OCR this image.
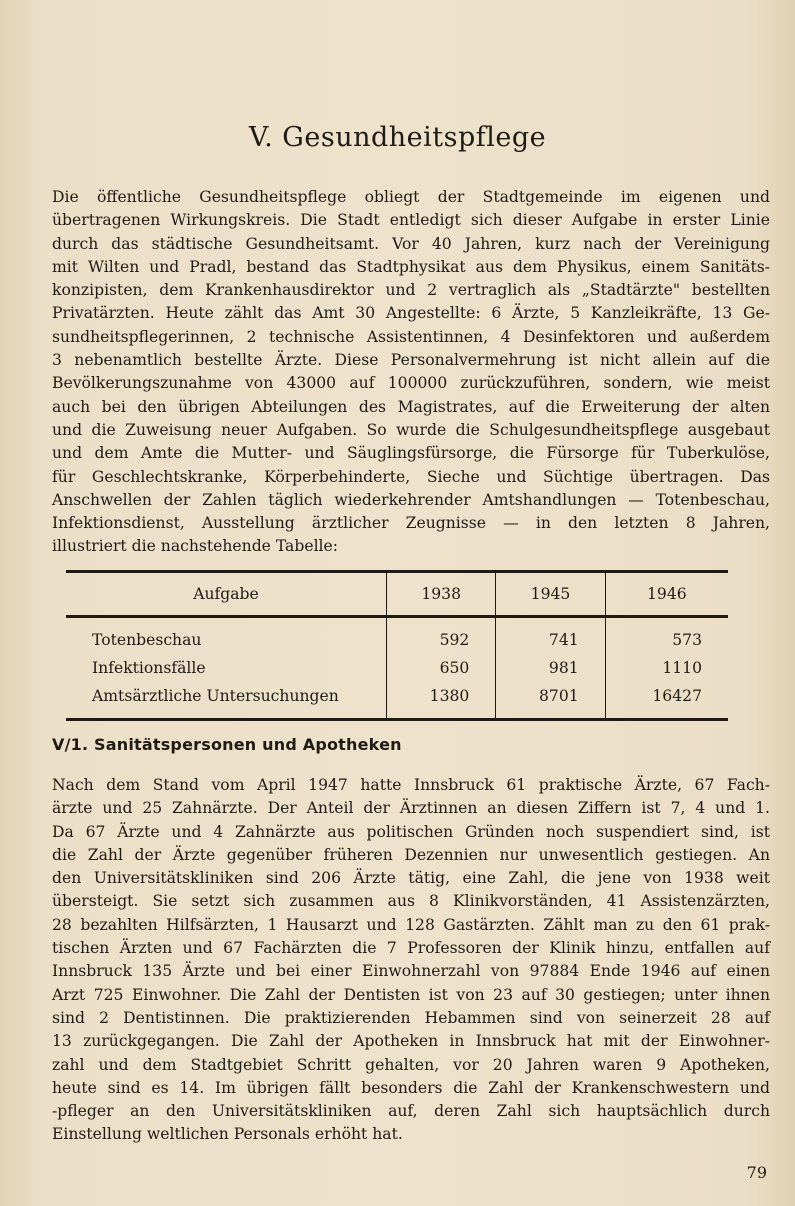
V. Gesundheitspflege
Die öffentliche Gesundheitspflege obliegt der Stadtgemeinde im eigenen und
übertragenen Wirkungskreis. Die Stadt entledigt sich dieser Aufgabe in erster Linie
durch das städtische Gesundheitsamt. Vor 40 Jahren, kurz nach der Vereinigung
mit Wilten und Pradl, bestand das Stadtphysikat aus dem Physikus, einem Sanitäts-
konzipisten, dem Krankenhausdirektor und 2 vertraglich als „Stadtärzte" bestellten
Privatärzten. Heute zählt das Amt 30 Angestellte: 6 Ärzte, 5 Kanzleikräfte, 13 Ge-
sundheitspflegerinnen, 2 technische Assistentinnen, 4 Desinfektoren und außerdem
3 nebenamtlich bestellte Ärzte. Diese Personalvermehrung ist nicht allein auf die
Bevölkerungszunahme von 43000 auf 100000 zurückzuführen, sondern, wie meist
auch bei den übrigen Abteilungen des Magistrates, auf die Erweiterung der alten
und die Zuweisung neuer Aufgaben. So wurde die Schulgesundheitspflege ausgebaut
und dem Amte die Mutter- und Säuglingsfürsorge, die Fürsorge für Tuberkulöse,
für Geschlechtskranke, Körperbehinderte, Sieche und Süchtige übertragen. Das
Anschwellen der Zahlen täglich wiederkehrender Amtshandlungen — Totenbeschau,
Infektionsdienst, Ausstellung ärztlicher Zeugnisse — in den letzten 8 Jahren,
illustriert die nachstehende Tabelle:
Aufgabe	1938	1945	1946
Totenbeschau	592	741	573
Infektionsfälle	650	981	1110
Amtsärztliche Untersuchungen	1380	8701	16427
V/1. Sanitätspersonen und Apotheken
Nach dem Stand vom April 1947 hatte Innsbruck 61 praktische Ärzte, 67 Fach-
ärzte und 25 Zahnärzte. Der Anteil der Ärztinnen an diesen Ziffern ist 7, 4 und 1.
Da 67 Ärzte und 4 Zahnärzte aus politischen Gründen noch suspendiert sind, ist
die Zahl der Ärzte gegenüber früheren Dezennien nur unwesentlich gestiegen. An
den Universitätskliniken sind 206 Ärzte tätig, eine Zahl, die jene von 1938 weit
übersteigt. Sie setzt sich zusammen aus 8 Klinikvorständen, 41 Assistenzärzten,
28 bezahlten Hilfsärzten, 1 Hausarzt und 128 Gastärzten. Zählt man zu den 61 prak-
tischen Ärzten und 67 Fachärzten die 7 Professoren der Klinik hinzu, entfallen auf
Innsbruck 135 Ärzte und bei einer Einwohnerzahl von 97884 Ende 1946 auf einen
Arzt 725 Einwohner. Die Zahl der Dentisten ist von 23 auf 30 gestiegen; unter ihnen
sind 2 Dentistinnen. Die praktizierenden Hebammen sind von seinerzeit 28 auf
13 zurückgegangen. Die Zahl der Apotheken in Innsbruck hat mit der Einwohner-
zahl und dem Stadtgebiet Schritt gehalten, vor 20 Jahren waren 9 Apotheken,
heute sind es 14. Im übrigen fällt besonders die Zahl der Krankenschwestern und
-pfleger an den Universitätskliniken auf, deren Zahl sich hauptsächlich durch
Einstellung weltlichen Personals erhöht hat.
79
